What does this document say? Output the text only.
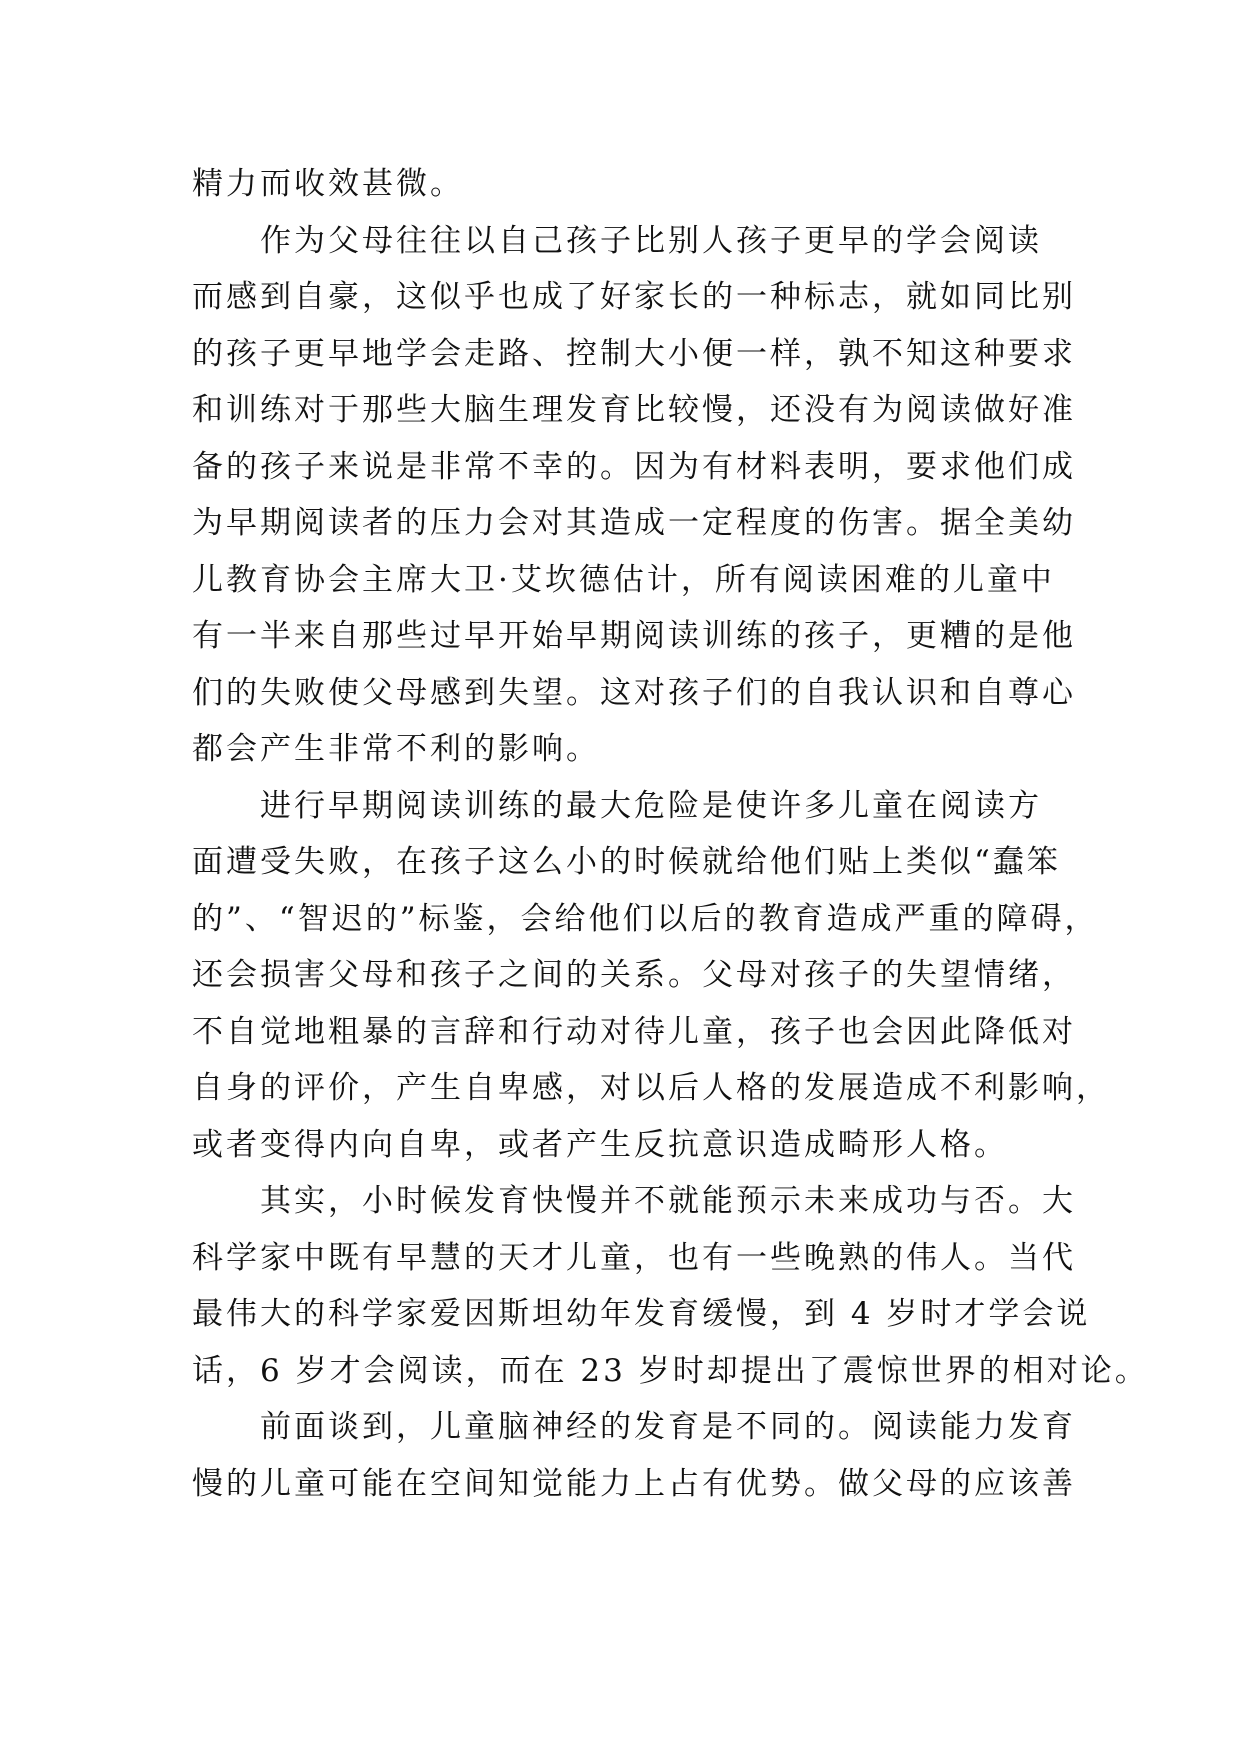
精力而收效甚微。
作为父母往往以自己孩子比别人孩子更早的学会阅读
而感到自豪，这似乎也成了好家长的一种标志，就如同比别
的孩子更早地学会走路、控制大小便一样，孰不知这种要求
和训练对于那些大脑生理发育比较慢，还没有为阅读做好准
备的孩子来说是非常不幸的。因为有材料表明，要求他们成
为早期阅读者的压力会对其造成一定程度的伤害。据全美幼
儿教育协会主席大卫·艾坎德估计，所有阅读困难的儿童中
有一半来自那些过早开始早期阅读训练的孩子，更糟的是他
们的失败使父母感到失望。这对孩子们的自我认识和自尊心
都会产生非常不利的影响。
进行早期阅读训练的最大危险是使许多儿童在阅读方
面遭受失败，在孩子这么小的时候就给他们贴上类似“蠢笨
的”、“智迟的”标鉴，会给他们以后的教育造成严重的障碍，
还会损害父母和孩子之间的关系。父母对孩子的失望情绪，
不自觉地粗暴的言辞和行动对待儿童，孩子也会因此降低对
自身的评价，产生自卑感，对以后人格的发展造成不利影响，
或者变得内向自卑，或者产生反抗意识造成畸形人格。
其实，小时候发育快慢并不就能预示未来成功与否。大
科学家中既有早慧的天才儿童，也有一些晚熟的伟人。当代
最伟大的科学家爱因斯坦幼年发育缓慢，到 4 岁时才学会说
话，6 岁才会阅读，而在 23 岁时却提出了震惊世界的相对论。
前面谈到，儿童脑神经的发育是不同的。阅读能力发育
慢的儿童可能在空间知觉能力上占有优势。做父母的应该善
